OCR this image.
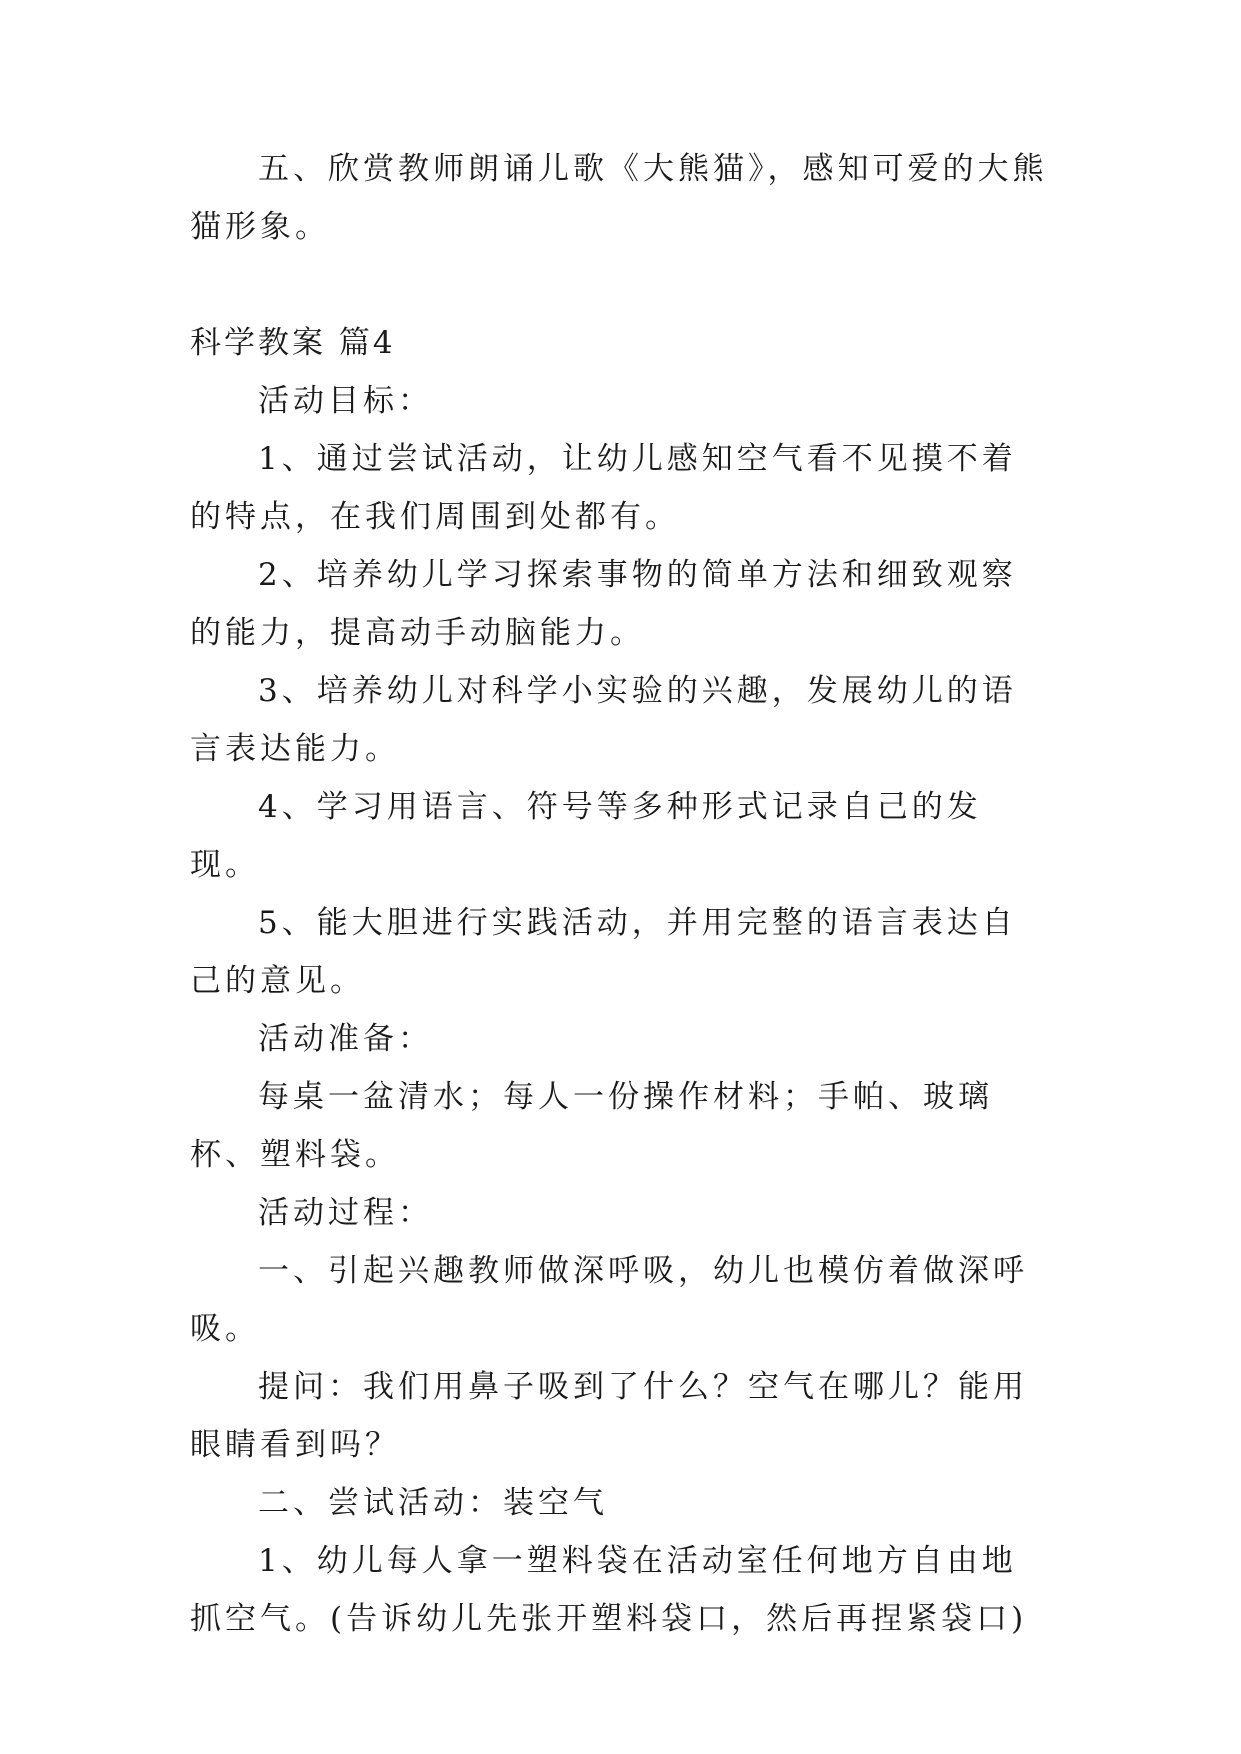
五、欣赏教师朗诵儿歌《大熊猫》，感知可爱的大熊猫形象。

科学教案 篇4

活动目标：

1、通过尝试活动，让幼儿感知空气看不见摸不着的特点，在我们周围到处都有。

2、培养幼儿学习探索事物的简单方法和细致观察的能力，提高动手动脑能力。

3、培养幼儿对科学小实验的兴趣，发展幼儿的语言表达能力。

4、学习用语言、符号等多种形式记录自己的发现。

5、能大胆进行实践活动，并用完整的语言表达自己的意见。

活动准备：

每桌一盆清水；每人一份操作材料；手帕、玻璃杯、塑料袋。

活动过程：

一、引起兴趣教师做深呼吸，幼儿也模仿着做深呼吸。

提问：我们用鼻子吸到了什么？空气在哪儿？能用眼睛看到吗？

二、尝试活动：装空气

1、幼儿每人拿一塑料袋在活动室任何地方自由地抓空气。(告诉幼儿先张开塑料袋口，然后再捏紧袋口)
